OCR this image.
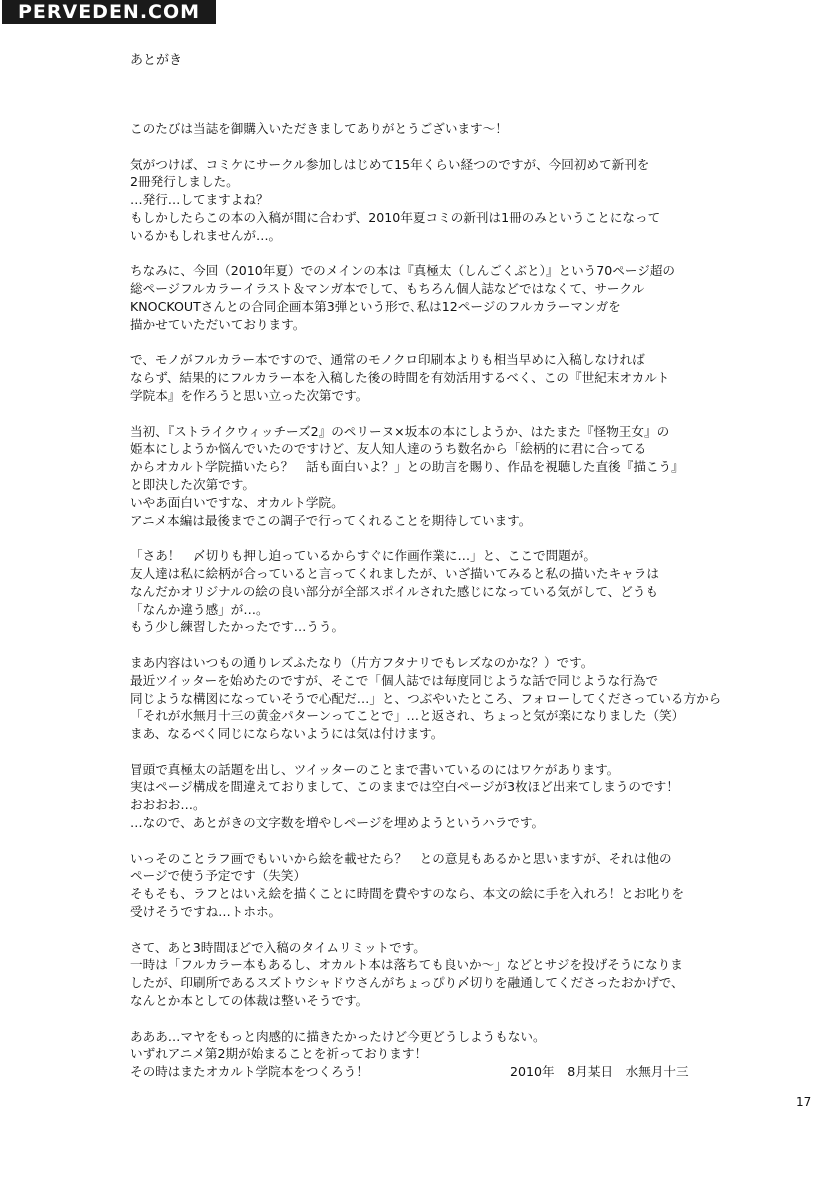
PERVEDEN.COM
あとがき
このたびは当誌を御購入いただきましてありがとうございます～！
気がつけば、コミケにサークル参加しはじめて15年くらい経つのですが、今回初めて新刊を
2冊発行しました。
…発行…してますよね？
もしかしたらこの本の入稿が間に合わず、2010年夏コミの新刊は1冊のみということになって
いるかもしれませんが…。
ちなみに、今回（2010年夏）でのメインの本は『真極太（しんごくぶと）』という70ページ超の
総ページフルカラーイラスト＆マンガ本でして、もちろん個人誌などではなくて、サークル
KNOCKOUTさんとの合同企画本第3弾という形で､私は12ページのフルカラーマンガを
描かせていただいております。
で、モノがフルカラー本ですので、通常のモノクロ印刷本よりも相当早めに入稿しなければ
ならず、結果的にフルカラー本を入稿した後の時間を有効活用するべく、この『世紀末オカルト
学院本』を作ろうと思い立った次第です。
当初、『ストライクウィッチーズ2』のペリーヌ×坂本の本にしようか、はたまた『怪物王女』の
姫本にしようか悩んでいたのですけど、友人知人達のうち数名から「絵柄的に君に合ってる
からオカルト学院描いたら？　話も面白いよ？」との助言を賜り、作品を視聴した直後『描こう』
と即決した次第です。
いやあ面白いですな、オカルト学院。
アニメ本編は最後までこの調子で行ってくれることを期待しています。
「さあ！　〆切りも押し迫っているからすぐに作画作業に…」と、ここで問題が。
友人達は私に絵柄が合っていると言ってくれましたが、いざ描いてみると私の描いたキャラは
なんだかオリジナルの絵の良い部分が全部スポイルされた感じになっている気がして、どうも
「なんか違う感」が…。
もう少し練習したかったです…うう。
まあ内容はいつもの通りレズふたなり（片方フタナリでもレズなのかな？）です。
最近ツイッターを始めたのですが、そこで「個人誌では毎度同じような話で同じような行為で
同じような構図になっていそうで心配だ…」と、つぶやいたところ、フォローしてくださっている方から
「それが水無月十三の黄金パターンってことで」…と返され、ちょっと気が楽になりました（笑）
まあ、なるべく同じにならないようには気は付けます。
冒頭で真極太の話題を出し、ツイッターのことまで書いているのにはワケがあります。
実はページ構成を間違えておりまして、このままでは空白ページが3枚ほど出来てしまうのです！
おおおお…。
…なので、あとがきの文字数を増やしページを埋めようというハラです。
いっそのことラフ画でもいいから絵を載せたら？　との意見もあるかと思いますが、それは他の
ページで使う予定です（失笑）
そもそも、ラフとはいえ絵を描くことに時間を費やすのなら、本文の絵に手を入れろ！とお叱りを
受けそうですね…トホホ。
さて、あと3時間ほどで入稿のタイムリミットです。
一時は「フルカラー本もあるし、オカルト本は落ちても良いか～」などとサジを投げそうになりま
したが、印刷所であるスズトウシャドウさんがちょっぴり〆切りを融通してくださったおかげで、
なんとか本としての体裁は整いそうです。
あああ…マヤをもっと肉感的に描きたかったけど今更どうしようもない。
いずれアニメ第2期が始まることを祈っております！
その時はまたオカルト学院本をつくろう！	2010年　8月某日　水無月十三
17
